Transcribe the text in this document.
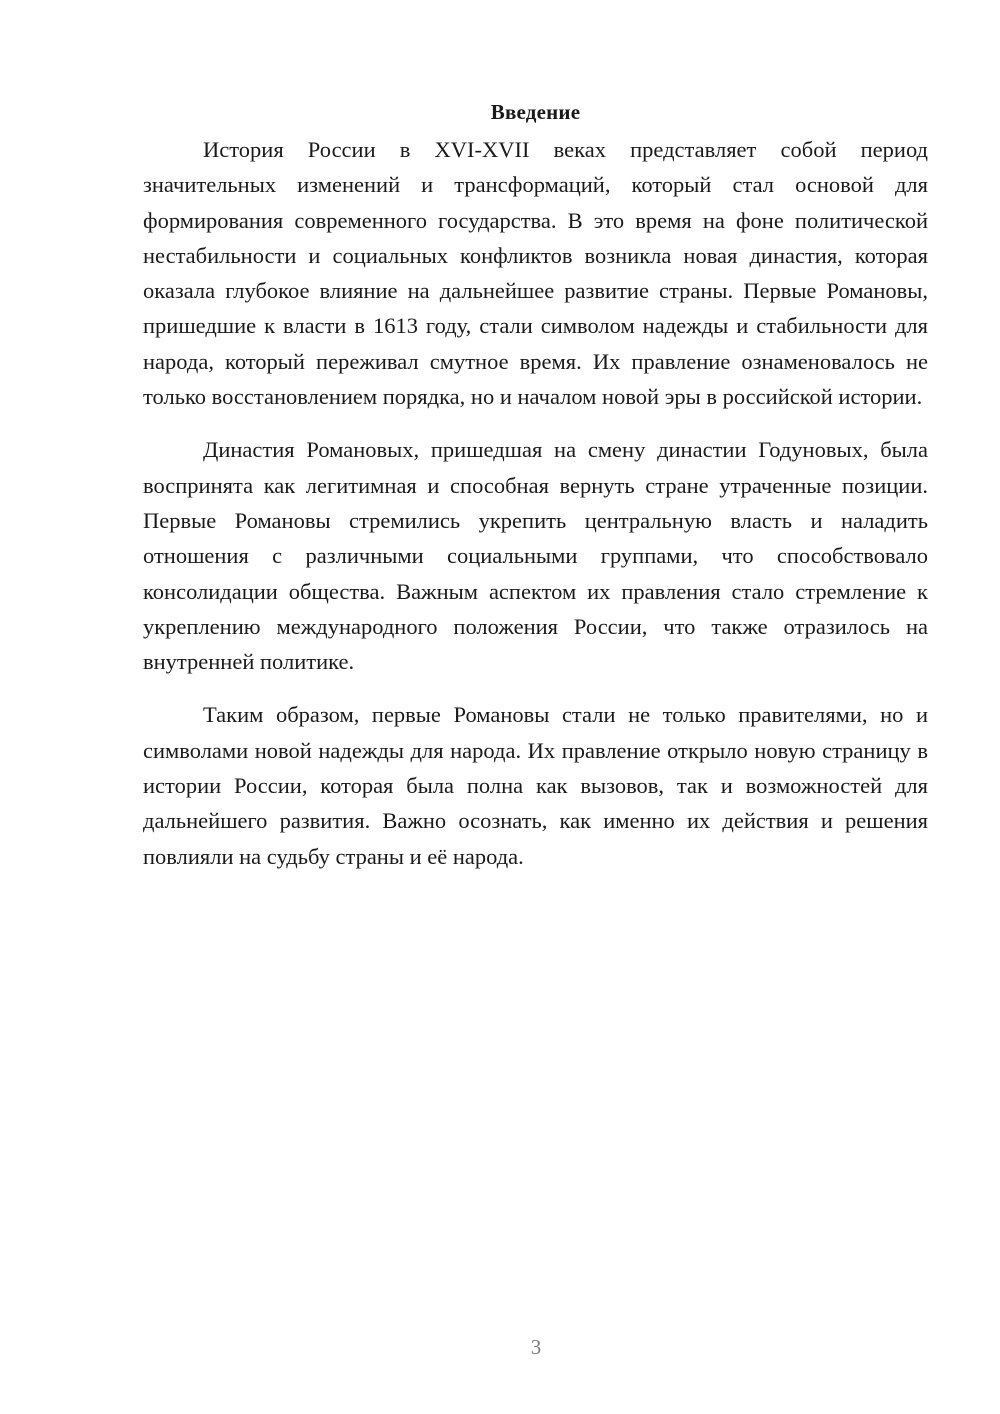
Введение

История России в XVI-XVII веках представляет собой период значительных изменений и трансформаций, который стал основой для формирования современного государства. В это время на фоне политической нестабильности и социальных конфликтов возникла новая династия, которая оказала глубокое влияние на дальнейшее развитие страны. Первые Романовы, пришедшие к власти в 1613 году, стали символом надежды и стабильности для народа, который переживал смутное время. Их правление ознаменовалось не только восстановлением порядка, но и началом новой эры в российской истории.

Династия Романовых, пришедшая на смену династии Годуновых, была воспринята как легитимная и способная вернуть стране утраченные позиции. Первые Романовы стремились укрепить центральную власть и наладить отношения с различными социальными группами, что способствовало консолидации общества. Важным аспектом их правления стало стремление к укреплению международного положения России, что также отразилось на внутренней политике.

Таким образом, первые Романовы стали не только правителями, но и символами новой надежды для народа. Их правление открыло новую страницу в истории России, которая была полна как вызовов, так и возможностей для дальнейшего развития. Важно осознать, как именно их действия и решения повлияли на судьбу страны и её народа.

3
